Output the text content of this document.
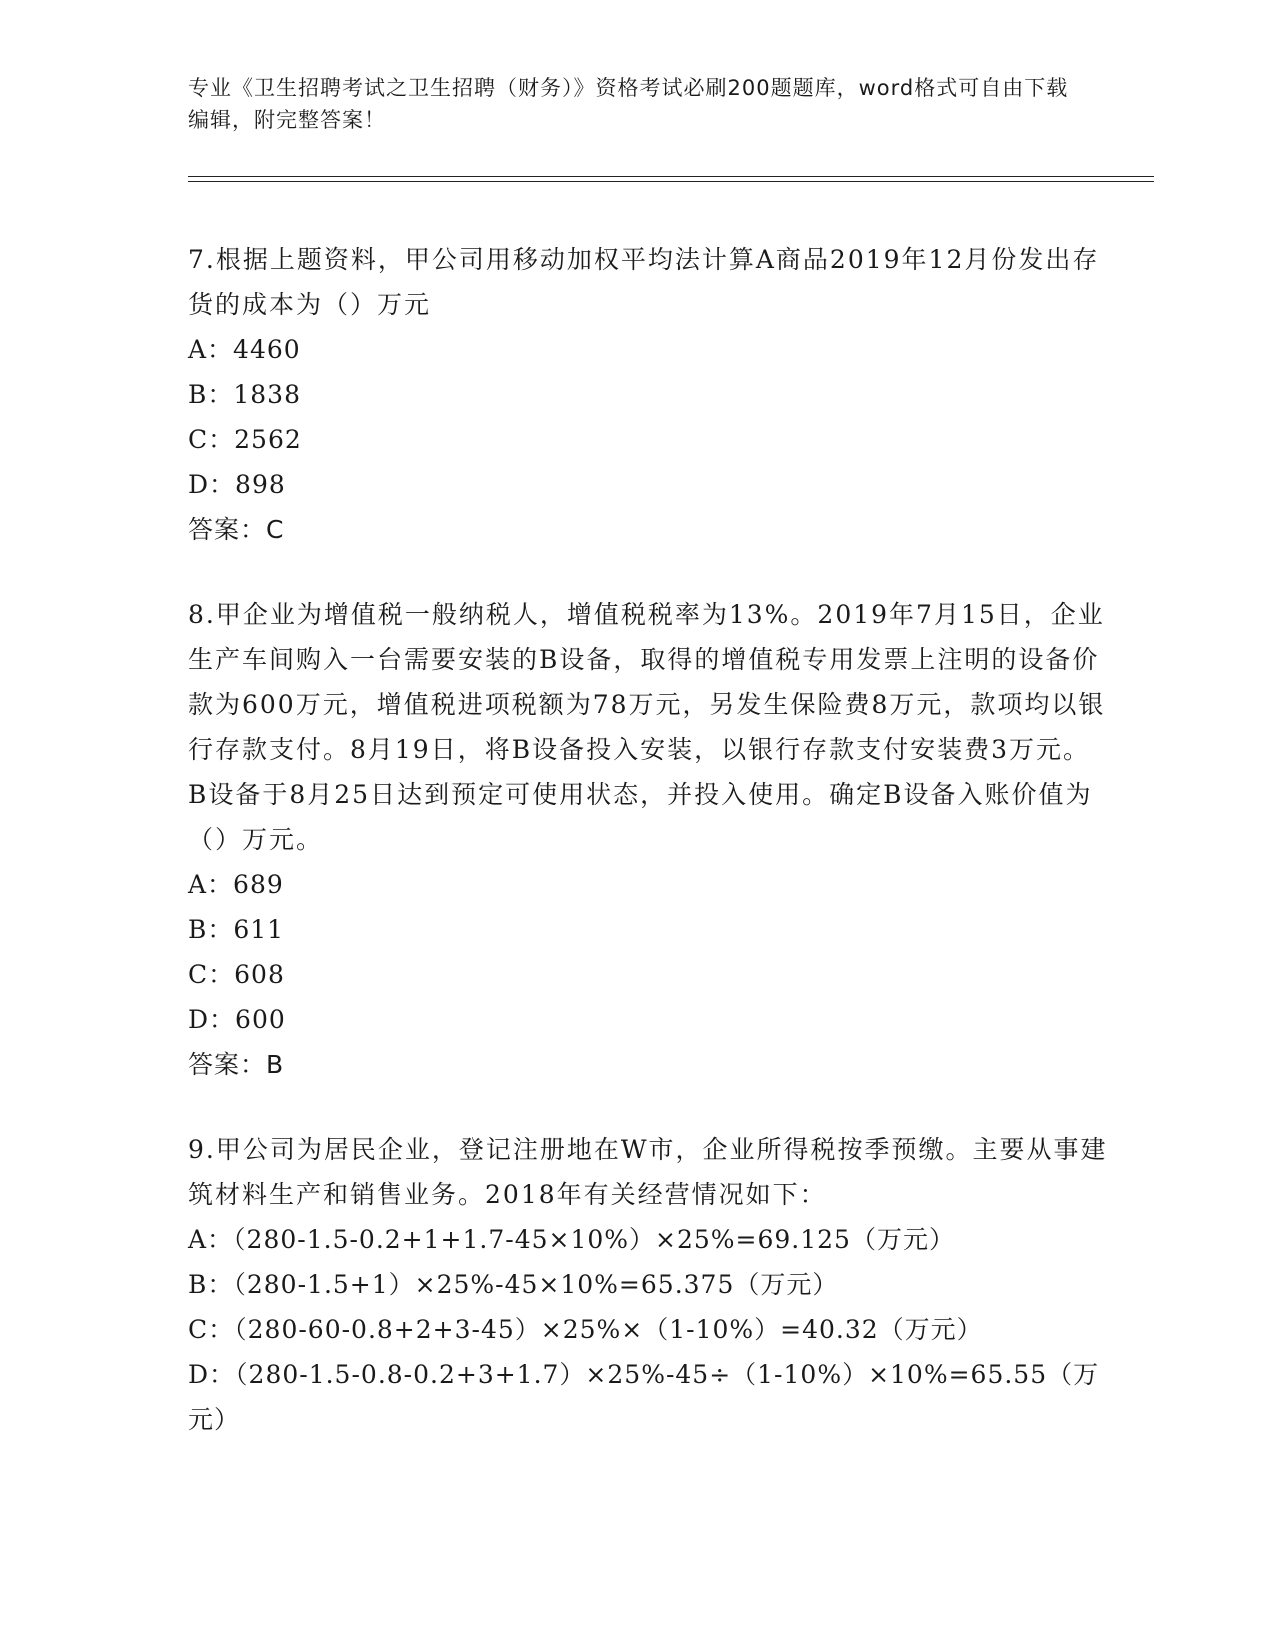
专业《卫生招聘考试之卫生招聘（财务）》资格考试必刷200题题库，word格式可自由下载编辑，附完整答案！

7.根据上题资料，甲公司用移动加权平均法计算A商品2019年12月份发出存货的成本为（）万元

A：4460

B：1838

C：2562

D：898

答案：C

8.甲企业为增值税一般纳税人，增值税税率为13%。2019年7月15日，企业生产车间购入一台需要安装的B设备，取得的增值税专用发票上注明的设备价款为600万元，增值税进项税额为78万元，另发生保险费8万元，款项均以银行存款支付。8月19日，将B设备投入安装，以银行存款支付安装费3万元。B设备于8月25日达到预定可使用状态，并投入使用。确定B设备入账价值为（）万元。

A：689

B：611

C：608

D：600

答案：B

9.甲公司为居民企业，登记注册地在W市，企业所得税按季预缴。主要从事建筑材料生产和销售业务。2018年有关经营情况如下：

A：（280-1.5-0.2+1+1.7-45×10%）×25%=69.125（万元）

B：（280-1.5+1）×25%-45×10%=65.375（万元）

C：（280-60-0.8+2+3-45）×25%×（1-10%）=40.32（万元）

D：（280-1.5-0.8-0.2+3+1.7）×25%-45÷（1-10%）×10%=65.55（万元）
